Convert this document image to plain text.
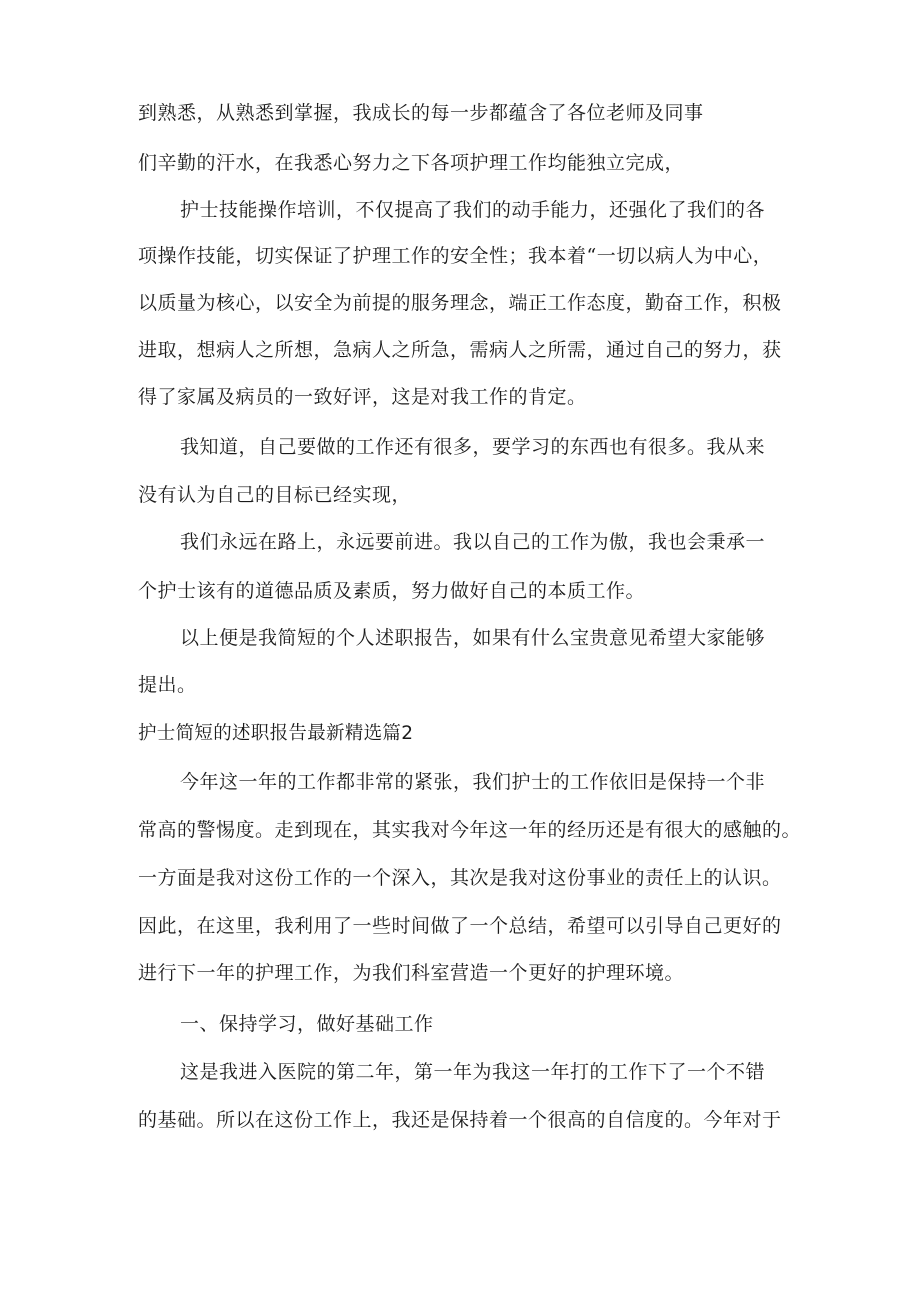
到熟悉，从熟悉到掌握，我成长的每一步都蕴含了各位老师及同事
们辛勤的汗水，在我悉心努力之下各项护理工作均能独立完成，
护士技能操作培训，不仅提高了我们的动手能力，还强化了我们的各
项操作技能，切实保证了护理工作的安全性；我本着“一切以病人为中心，
以质量为核心，以安全为前提的服务理念，端正工作态度，勤奋工作，积极
进取，想病人之所想，急病人之所急，需病人之所需，通过自己的努力，获
得了家属及病员的一致好评，这是对我工作的肯定。
我知道，自己要做的工作还有很多，要学习的东西也有很多。我从来
没有认为自己的目标已经实现，
我们永远在路上，永远要前进。我以自己的工作为傲，我也会秉承一
个护士该有的道德品质及素质，努力做好自己的本质工作。
以上便是我简短的个人述职报告，如果有什么宝贵意见希望大家能够
提出。
护士简短的述职报告最新精选篇2
今年这一年的工作都非常的紧张，我们护士的工作依旧是保持一个非
常高的警惕度。走到现在，其实我对今年这一年的经历还是有很大的感触的。
一方面是我对这份工作的一个深入，其次是我对这份事业的责任上的认识。
因此，在这里，我利用了一些时间做了一个总结，希望可以引导自己更好的
进行下一年的护理工作，为我们科室营造一个更好的护理环境。
一、保持学习，做好基础工作
这是我进入医院的第二年，第一年为我这一年打的工作下了一个不错
的基础。所以在这份工作上，我还是保持着一个很高的自信度的。今年对于
